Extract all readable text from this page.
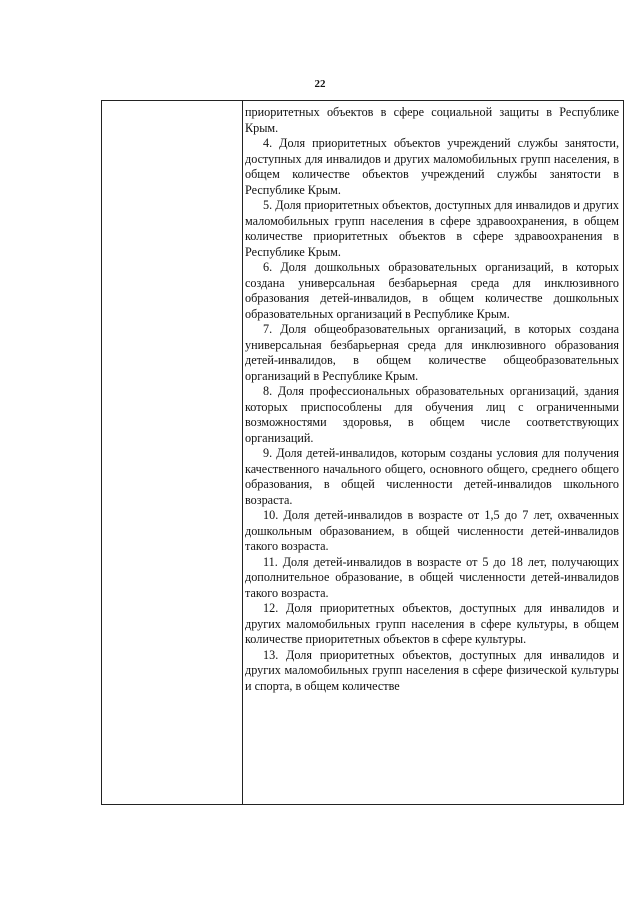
22

приоритетных объектов в сфере социальной защиты в Республике Крым.

4. Доля приоритетных объектов учреждений службы занятости, доступных для инвалидов и других маломобильных групп населения, в общем количестве объектов учреждений службы занятости в Республике Крым.

5. Доля приоритетных объектов, доступных для инвалидов и других маломобильных групп населения в сфере здравоохранения, в общем количестве приоритетных объектов в сфере здравоохранения в Республике Крым.

6. Доля дошкольных образовательных организаций, в которых создана универсальная безбарьерная среда для инклюзивного образования детей-инвалидов, в общем количестве дошкольных образовательных организаций в Республике Крым.

7. Доля общеобразовательных организаций, в которых создана универсальная безбарьерная среда для инклюзивного образования детей-инвалидов, в общем количестве общеобразовательных организаций в Республике Крым.

8. Доля профессиональных образовательных организаций, здания которых приспособлены для обучения лиц с ограниченными возможностями здоровья, в общем числе соответствующих организаций.

9. Доля детей-инвалидов, которым созданы условия для получения качественного начального общего, основного общего, среднего общего образования, в общей численности детей-инвалидов школьного возраста.

10. Доля детей-инвалидов в возрасте от 1,5 до 7 лет, охваченных дошкольным образованием, в общей численности детей-инвалидов такого возраста.

11. Доля детей-инвалидов в возрасте от 5 до 18 лет, получающих дополнительное образование, в общей численности детей-инвалидов такого возраста.

12. Доля приоритетных объектов, доступных для инвалидов и других маломобильных групп населения в сфере культуры, в общем количестве приоритетных объектов в сфере культуры.

13. Доля приоритетных объектов, доступных для инвалидов и других маломобильных групп населения в сфере физической культуры и спорта, в общем количестве
